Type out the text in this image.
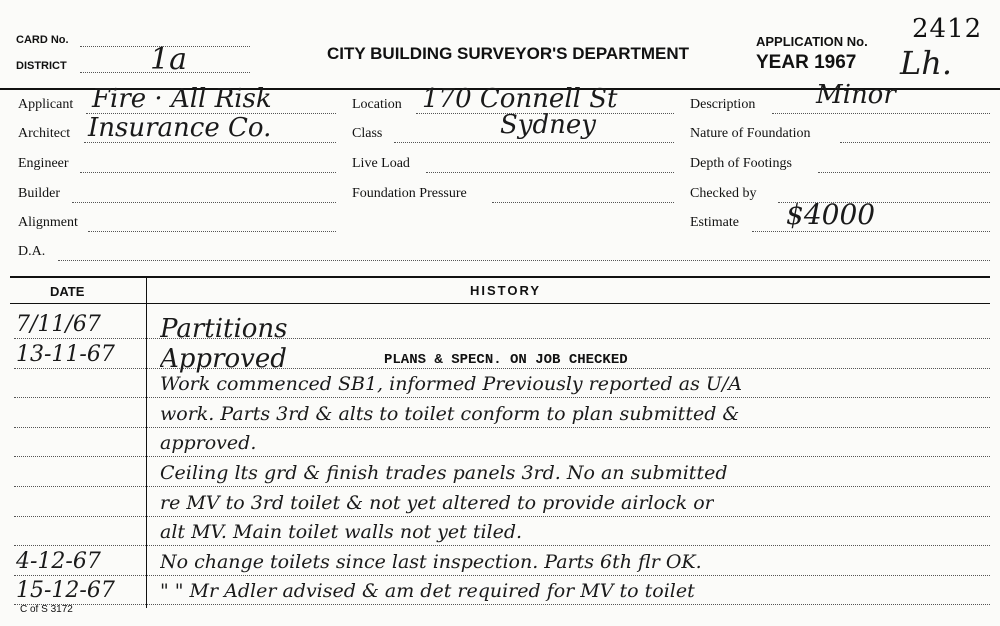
CARD No.
DISTRICT	1a	CITY BUILDING SURVEYOR'S DEPARTMENT
APPLICATION No. 2412
YEAR 1967 Lh.
Applicant Fire · All Risk
Architect Insurance Co.
Engineer
Builder
Alignment
D.A.
Location 170 Connell St
Class	Sydney
Live Load
Foundation Pressure
Description Minor
Nature of Foundation
Depth of Footings
Checked by
Estimate $4000
DATE	HISTORY
7/11/67 Partitions
13-11-67 Approved
Work commenced SB1, informed Previously reported as U/A
work. Parts 3rd & alts to toilet conform to plan submitted &
approved.
Ceiling lts grd & finish trades panels 3rd. No an submitted
re MV to 3rd toilet & not yet altered to provide airlock or
alt MV. Main toilet walls not yet tiled.
4-12-67	No change toilets since last inspection. Parts 6th flr OK.
15-12-67 " " Mr Adler advised & am det required for MV to toilet
PLANS & SPECN. ON JOB CHECKED
C of S 3172
